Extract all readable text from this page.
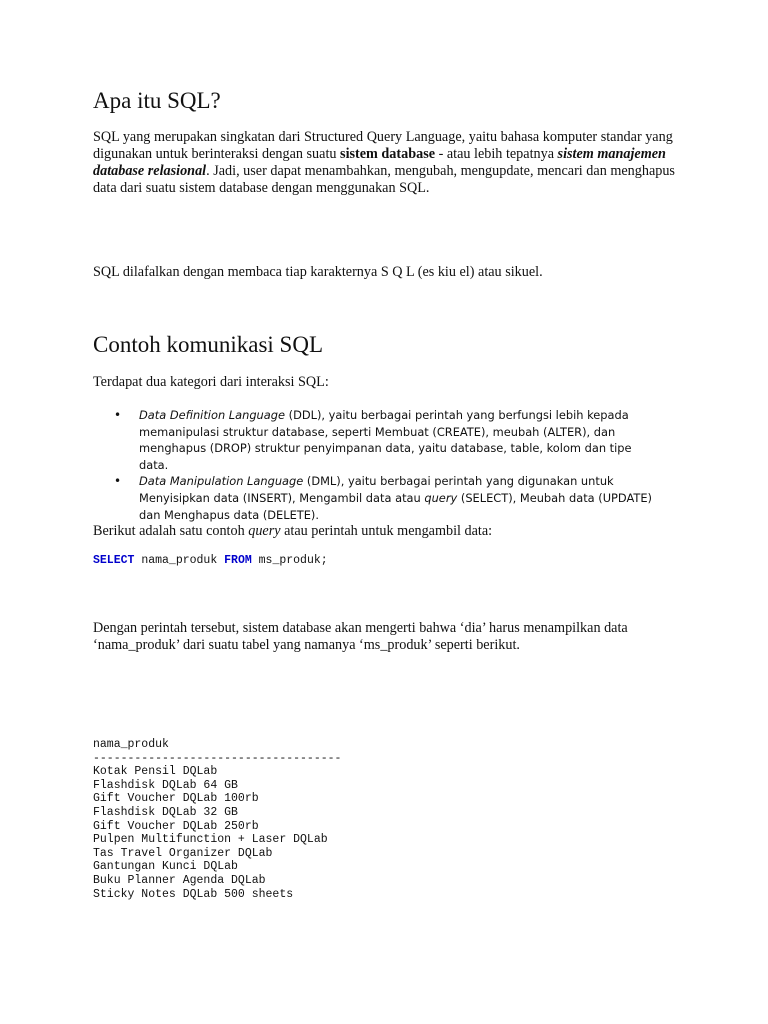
Apa itu SQL?

SQL yang merupakan singkatan dari Structured Query Language, yaitu bahasa komputer standar yang digunakan untuk berinteraksi dengan suatu sistem database - atau lebih tepatnya sistem manajemen database relasional. Jadi, user dapat menambahkan, mengubah, mengupdate, mencari dan menghapus data dari suatu sistem database dengan menggunakan SQL.

SQL dilafalkan dengan membaca tiap karakternya S Q L (es kiu el) atau sikuel.

Contoh komunikasi SQL

Terdapat dua kategori dari interaksi SQL:

• Data Definition Language (DDL), yaitu berbagai perintah yang berfungsi lebih kepada memanipulasi struktur database, seperti Membuat (CREATE), meubah (ALTER), dan menghapus (DROP) struktur penyimpanan data, yaitu database, table, kolom dan tipe data.
• Data Manipulation Language (DML), yaitu berbagai perintah yang digunakan untuk Menyisipkan data (INSERT), Mengambil data atau query (SELECT), Meubah data (UPDATE) dan Menghapus data (DELETE).

Berikut adalah satu contoh query atau perintah untuk mengambil data:

SELECT nama_produk FROM ms_produk;

Dengan perintah tersebut, sistem database akan mengerti bahwa ‘dia’ harus menampilkan data ‘nama_produk’ dari suatu tabel yang namanya ‘ms_produk’ seperti berikut.

nama_produk
------------------------------------
Kotak Pensil DQLab
Flashdisk DQLab 64 GB
Gift Voucher DQLab 100rb
Flashdisk DQLab 32 GB
Gift Voucher DQLab 250rb
Pulpen Multifunction + Laser DQLab
Tas Travel Organizer DQLab
Gantungan Kunci DQLab
Buku Planner Agenda DQLab
Sticky Notes DQLab 500 sheets
